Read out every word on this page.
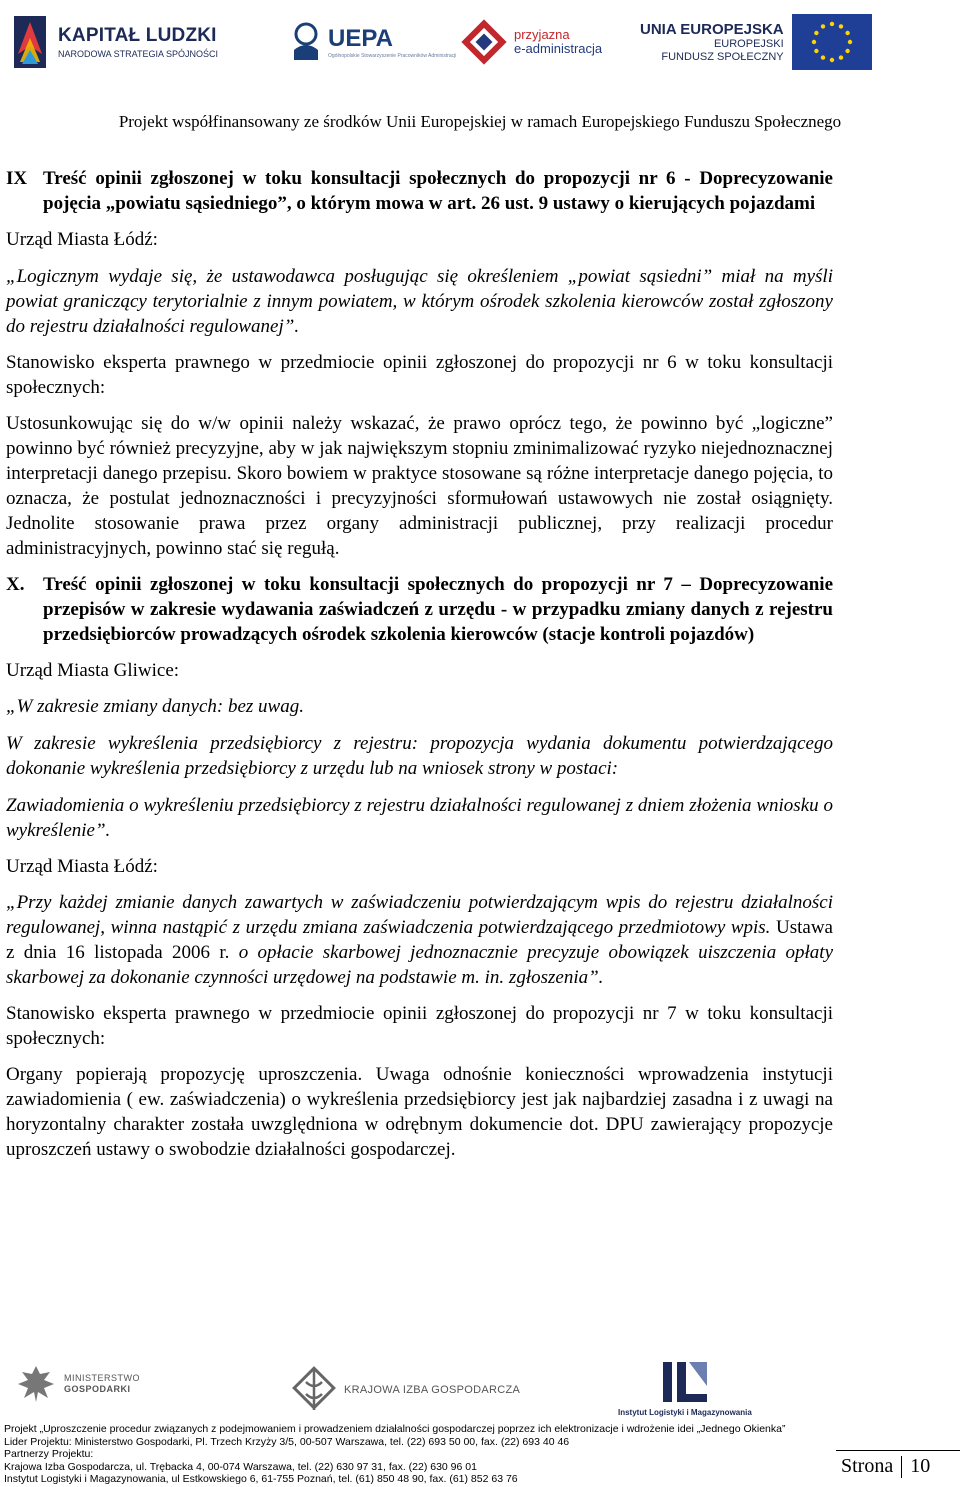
KAPITAŁ LUDZKI
NARODOWA STRATEGIA SPÓJNOŚCI
UEPA
Ogólnopolskie Stowarzyszenie Pracowników Administracji
przyjazna
e-administracja
UNIA EUROPEJSKA
EUROPEJSKI
FUNDUSZ SPOŁECZNY
Projekt współfinansowany ze środków Unii Europejskiej w ramach Europejskiego Funduszu Społecznego
IX Treść opinii zgłoszonej w toku konsultacji społecznych do propozycji nr 6 - Doprecyzowanie pojęcia „powiatu sąsiedniego”, o którym mowa w art. 26 ust. 9 ustawy o kierujących pojazdami

Urząd Miasta Łódź:

„Logicznym wydaje się, że ustawodawca posługując się określeniem „powiat sąsiedni” miał na myśli powiat graniczący terytorialnie z innym powiatem, w którym ośrodek szkolenia kierowców został zgłoszony do rejestru działalności regulowanej”.

Stanowisko eksperta prawnego w przedmiocie opinii zgłoszonej do propozycji nr 6 w toku konsultacji społecznych:

Ustosunkowując się do w/w opinii należy wskazać, że prawo oprócz tego, że powinno być „logiczne” powinno być również precyzyjne, aby w jak największym stopniu zminimalizować ryzyko niejednoznacznej interpretacji danego przepisu. Skoro bowiem w praktyce stosowane są różne interpretacje danego pojęcia, to oznacza, że postulat jednoznaczności i precyzyjności sformułowań ustawowych nie został osiągnięty. Jednolite stosowanie prawa przez organy administracji publicznej, przy realizacji procedur administracyjnych, powinno stać się regułą.

X. Treść opinii zgłoszonej w toku konsultacji społecznych do propozycji nr 7 – Doprecyzowanie przepisów w zakresie wydawania zaświadczeń z urzędu - w przypadku zmiany danych z rejestru przedsiębiorców prowadzących ośrodek szkolenia kierowców (stacje kontroli pojazdów)

Urząd Miasta Gliwice:

„W zakresie zmiany danych: bez uwag.

W zakresie wykreślenia przedsiębiorcy z rejestru: propozycja wydania dokumentu potwierdzającego dokonanie wykreślenia przedsiębiorcy z urzędu lub na wniosek strony w postaci:

Zawiadomienia o wykreśleniu przedsiębiorcy z rejestru działalności regulowanej z dniem złożenia wniosku o wykreślenie”.

Urząd Miasta Łódź:

„Przy każdej zmianie danych zawartych w zaświadczeniu potwierdzającym wpis do rejestru działalności regulowanej, winna nastąpić z urzędu zmiana zaświadczenia potwierdzającego przedmiotowy wpis. Ustawa z dnia 16 listopada 2006 r. o opłacie skarbowej jednoznacznie precyzuje obowiązek uiszczenia opłaty skarbowej za dokonanie czynności urzędowej na podstawie m. in. zgłoszenia”.

Stanowisko eksperta prawnego w przedmiocie opinii zgłoszonej do propozycji nr 7 w toku konsultacji społecznych:

Organy popierają propozycję uproszczenia. Uwaga odnośnie konieczności wprowadzenia instytucji zawiadomienia ( ew. zaświadczenia) o wykreślenia przedsiębiorcy jest jak najbardziej zasadna i z uwagi na horyzontalny charakter została uwzględniona w odrębnym dokumencie dot. DPU zawierający propozycje uproszczeń ustawy o swobodzie działalności gospodarczej.

MINISTERSTWO
GOSPODARKI	KRAJOWA IZBA GOSPODARCZA
Instytut Logistyki i Magazynowania
Projekt „Uproszczenie procedur związanych z podejmowaniem i prowadzeniem działalności gospodarczej poprzez ich elektronizacje i wdrożenie idei „Jednego Okienka”
Lider Projektu: Ministerstwo Gospodarki, Pl. Trzech Krzyży 3/5, 00-507 Warszawa, tel. (22) 693 50 00, fax. (22) 693 40 46
Partnerzy Projektu:
Krajowa Izba Gospodarcza, ul. Trębacka 4, 00-074 Warszawa, tel. (22) 630 97 31, fax. (22) 630 96 01
Instytut Logistyki i Magazynowania, ul Estkowskiego 6, 61-755 Poznań, tel. (61) 850 48 90, fax. (61) 852 63 76
Strona 10
